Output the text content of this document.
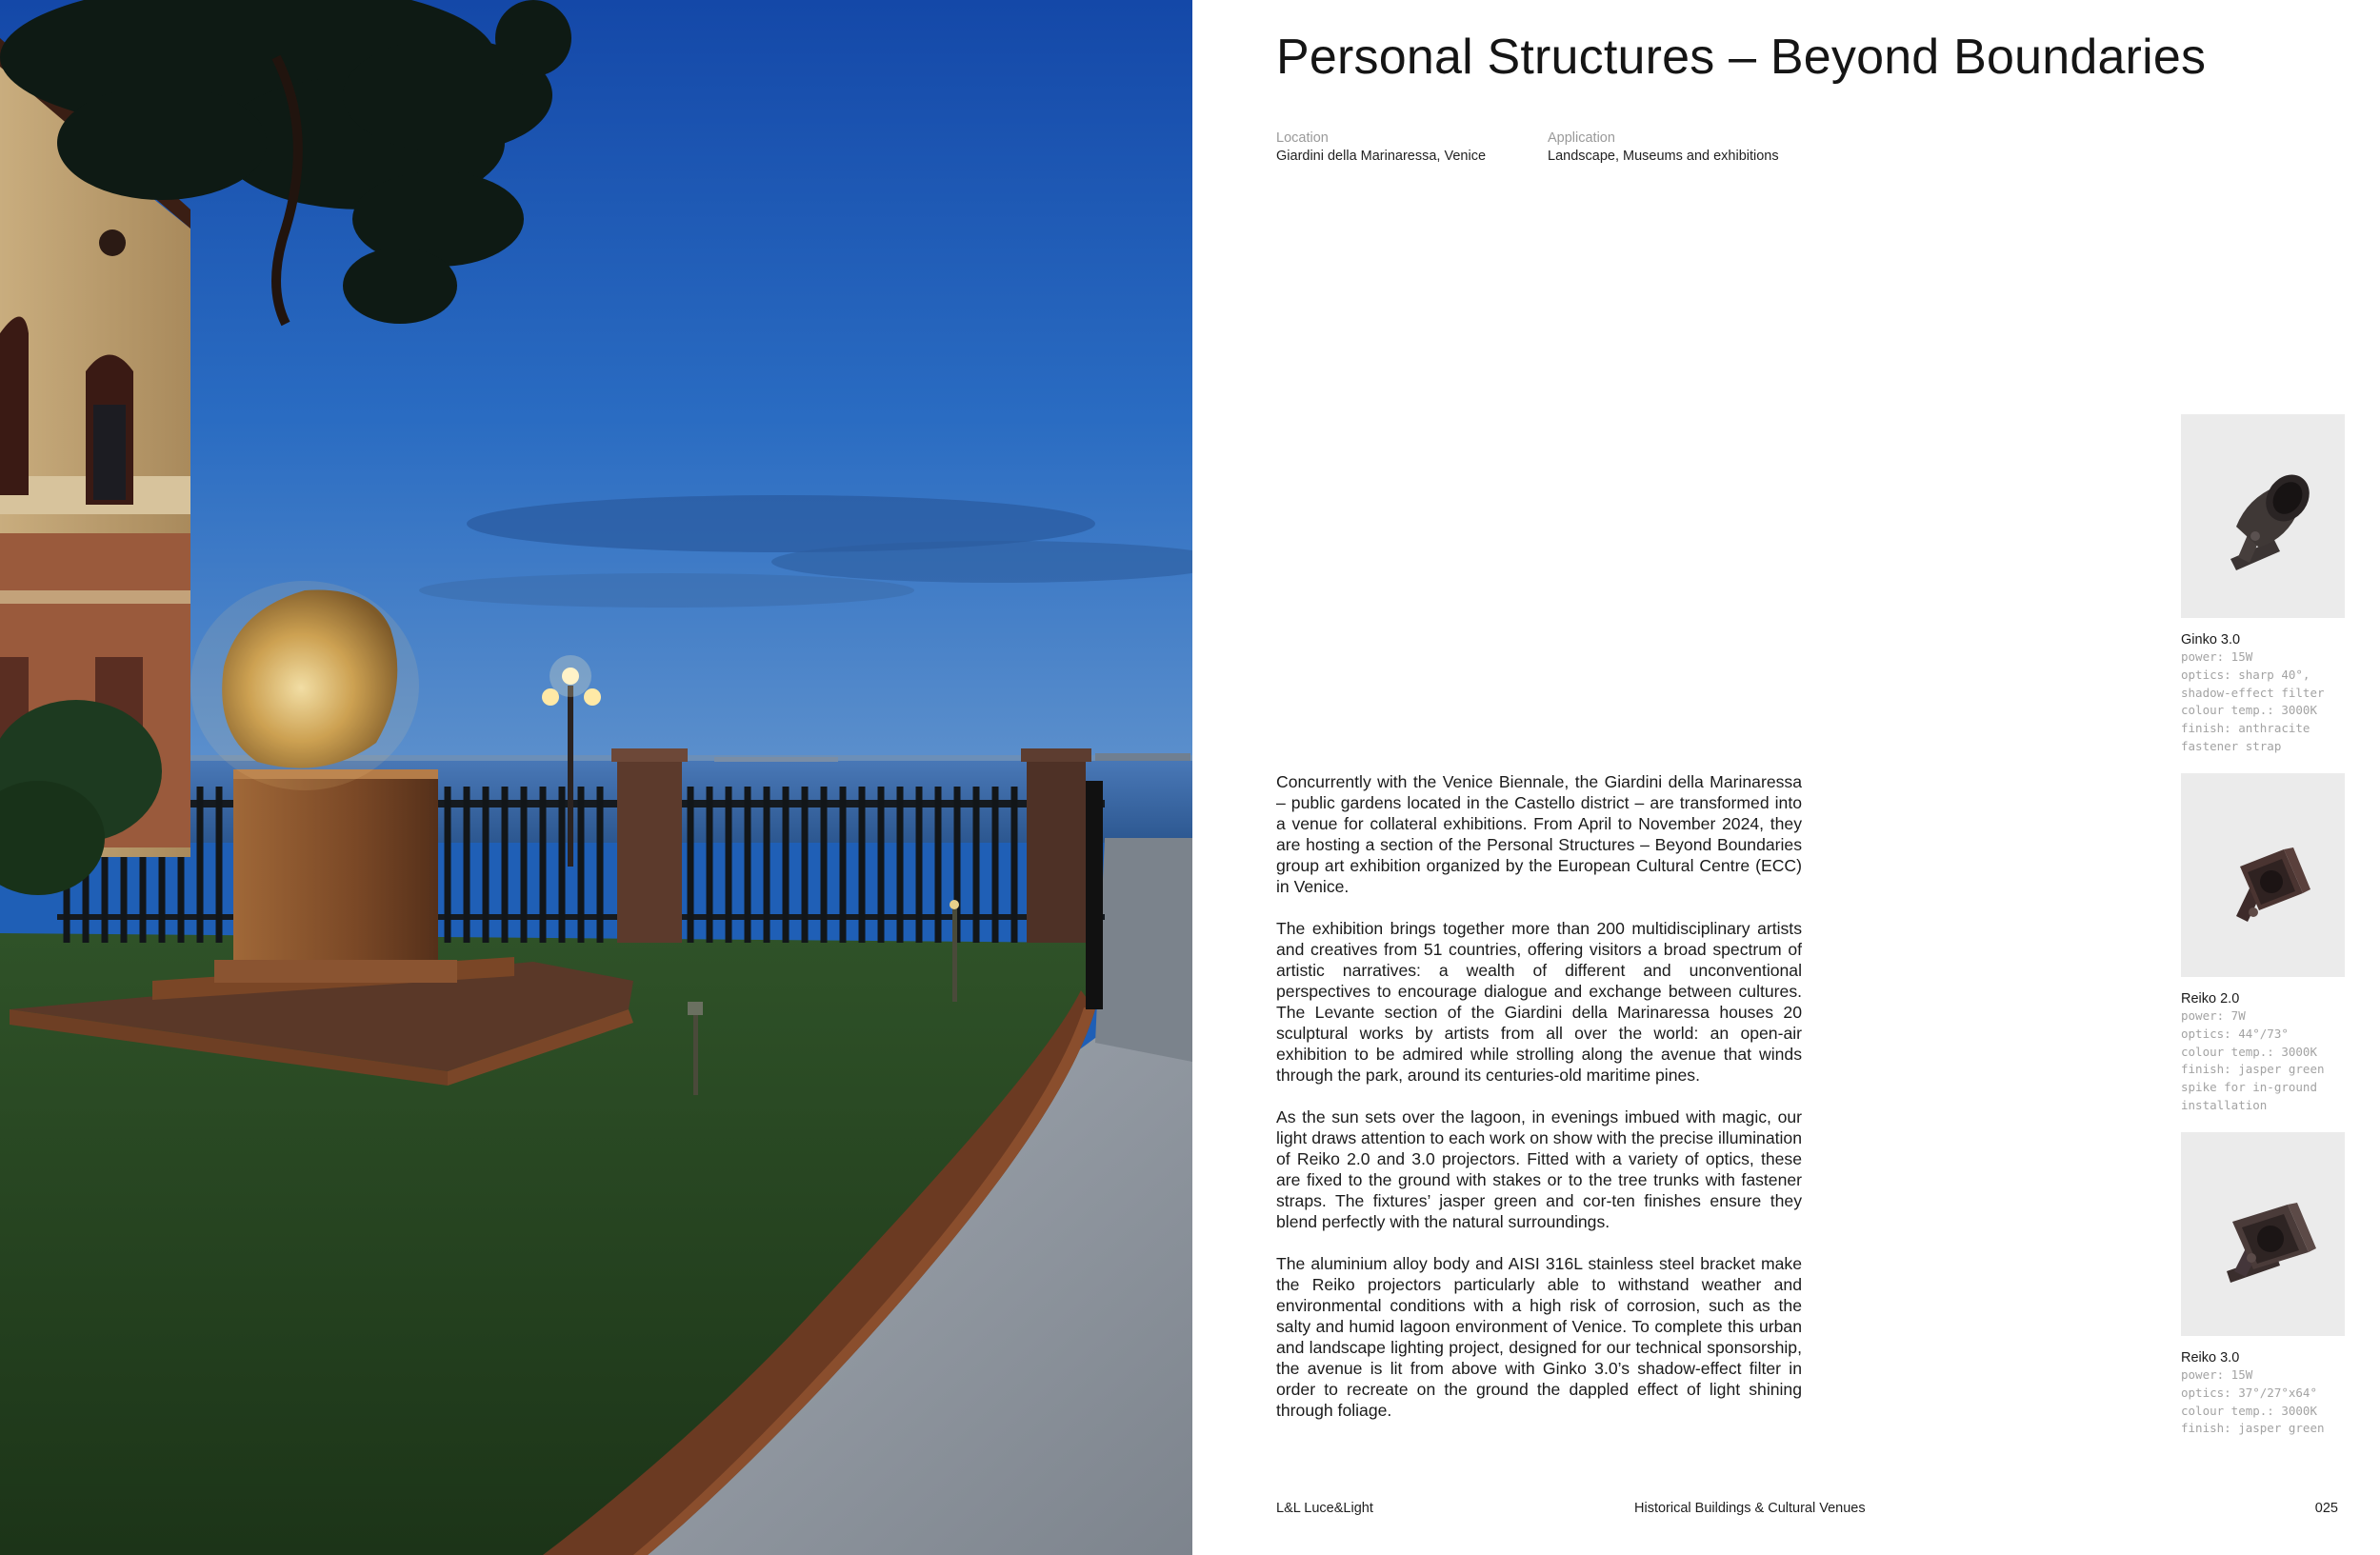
Personal Structures – Beyond Boundaries
Location
Giardini della Marinaressa, Venice
Application
Landscape, Museums and exhibitions

Concurrently with the Venice Biennale, the Giardini della Marinaressa – public gardens located in the Castello district – are transformed into a venue for collateral exhibitions. From April to November 2024, they are hosting a section of the Personal Structures – Beyond Boundaries group art exhibition organized by the European Cultural Centre (ECC) in Venice.

The exhibition brings together more than 200 multidisciplinary artists and creatives from 51 countries, offering visitors a broad spectrum of artistic narratives: a wealth of different and unconventional perspectives to encourage dialogue and exchange between cultures. The Levante section of the Giardini della Marinaressa houses 20 sculptural works by artists from all over the world: an open-air exhibition to be admired while strolling along the avenue that winds through the park, around its centuries-old maritime pines.

As the sun sets over the lagoon, in evenings imbued with magic, our light draws attention to each work on show with the precise illumination of Reiko 2.0 and 3.0 projectors. Fitted with a variety of optics, these are fixed to the ground with stakes or to the tree trunks with fastener straps. The fixtures’ jasper green and cor-ten finishes ensure they blend perfectly with the natural surroundings.

The aluminium alloy body and AISI 316L stainless steel bracket make the Reiko projectors particularly able to withstand weather and environmental conditions with a high risk of corrosion, such as the salty and humid lagoon environment of Venice. To complete this urban and landscape lighting project, designed for our technical sponsorship, the avenue is lit from above with Ginko 3.0’s shadow-effect filter in order to recreate on the ground the dappled effect of light shining through foliage.

Ginko 3.0
power: 15W
optics: sharp 40°,
shadow-effect filter
colour temp.: 3000K
finish: anthracite
fastener strap
Reiko 2.0
power: 7W
optics: 44°/73°
colour temp.: 3000K
finish: jasper green
spike for in-ground
installation
Reiko 3.0
power: 15W
optics: 37°/27°x64°
colour temp.: 3000K
finish: jasper green
L&L Luce&Light	Historical Buildings & Cultural Venues	025
